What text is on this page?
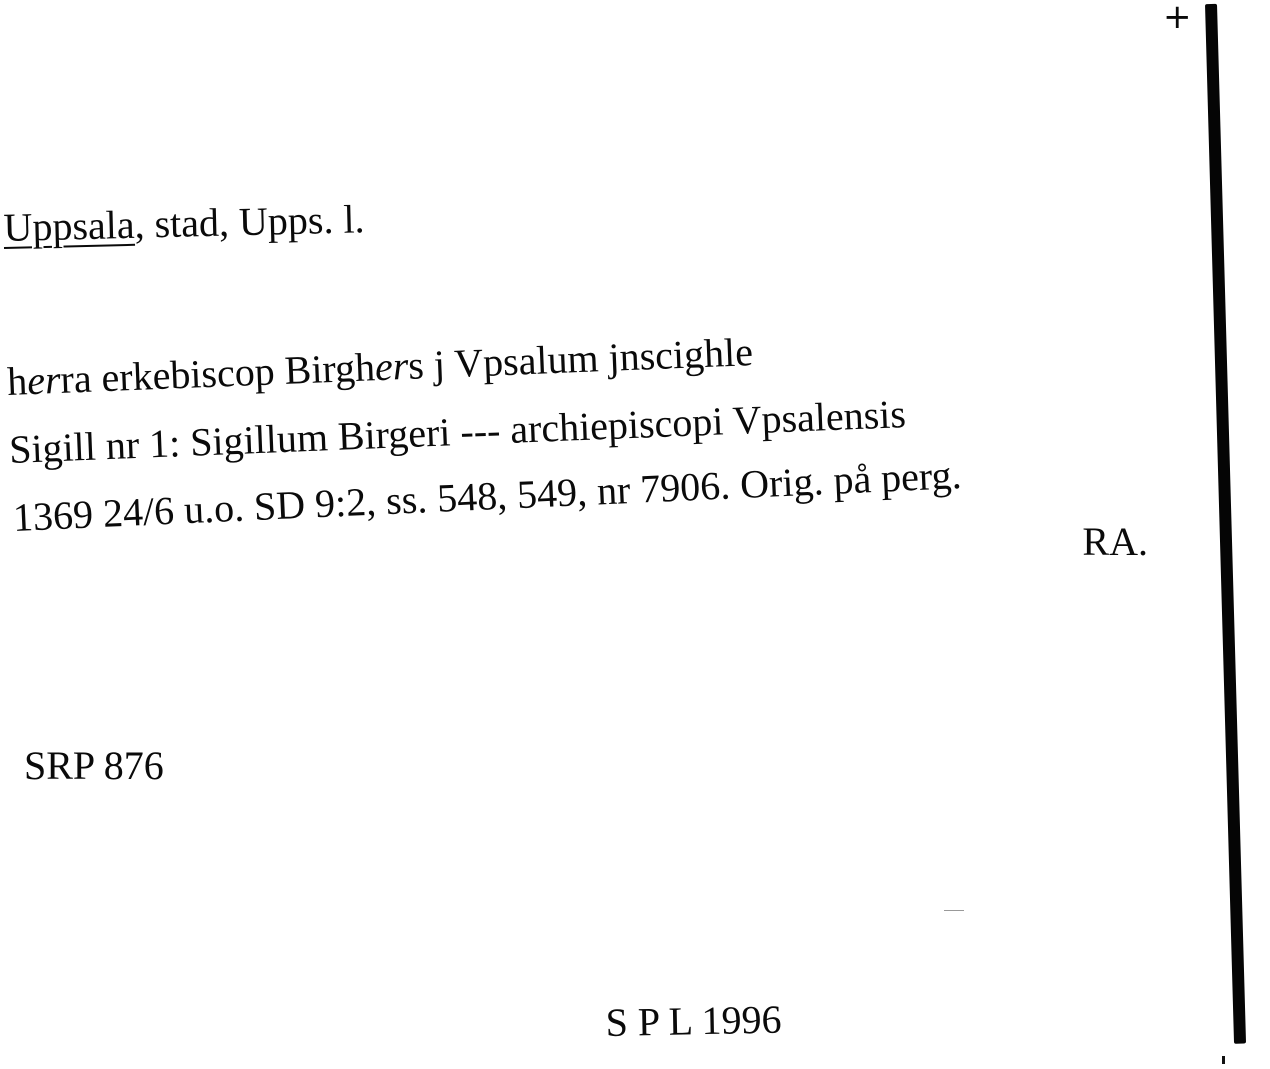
+
Uppsala, stad, Upps. l.
herra erkebiscop Birghers j Vpsalum jnscighle
Sigill nr 1: Sigillum Birgeri --- archiepiscopi Vpsalensis
1369 24/6 u.o. SD 9:2, ss. 548, 549, nr 7906. Orig. på perg.
RA.
SRP 876
S P L 1996
